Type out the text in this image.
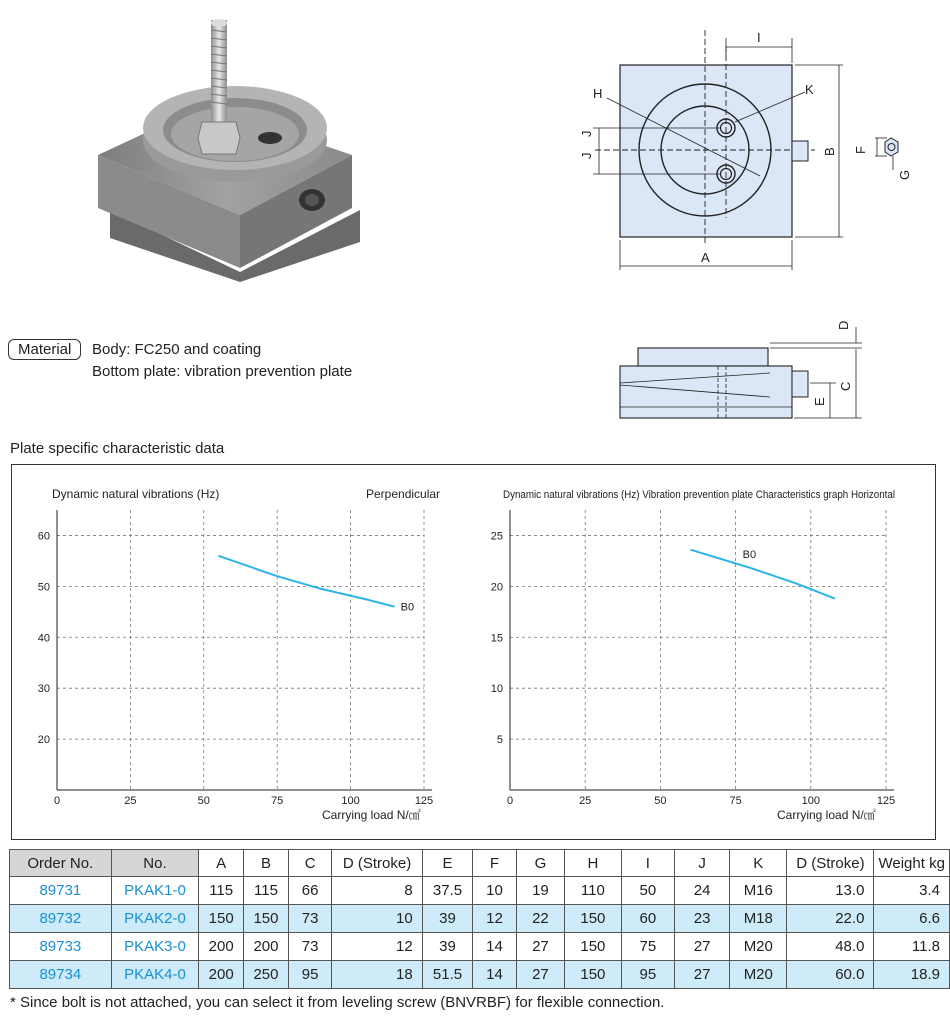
A
B
I
H	K
J
J
F
G
D
C
E
Material	Body: FC250 and coating
Bottom plate: vibration prevention plate
Plate specific characteristic data
0	25	50	75	100	125
20
30
40
50
60
B0
Dynamic natural vibrations (Hz)	Perpendicular
Carrying load N/㎠
0	25	50	75	100	125
5
10
15
20
25
B0
Dynamic natural vibrations (Hz) Vibration prevention plate Characteristics graph Horizontal
Carrying load N/㎠
Order No.	No.	A	B	C	D (Stroke)	E	F	G	H	I	J	K	D (Stroke)	Weight kg
89731	PKAK1-0	115	115	66	8	37.5	10	19	110	50	24	M16	13.0	3.4
89732	PKAK2-0	150	150	73	10	39	12	22	150	60	23	M18	22.0	6.6
89733	PKAK3-0	200	200	73	12	39	14	27	150	75	27	M20	48.0	11.8
89734	PKAK4-0	200	250	95	18	51.5	14	27	150	95	27	M20	60.0	18.9
* Since bolt is not attached, you can select it from leveling screw (BNVRBF) for flexible connection.
